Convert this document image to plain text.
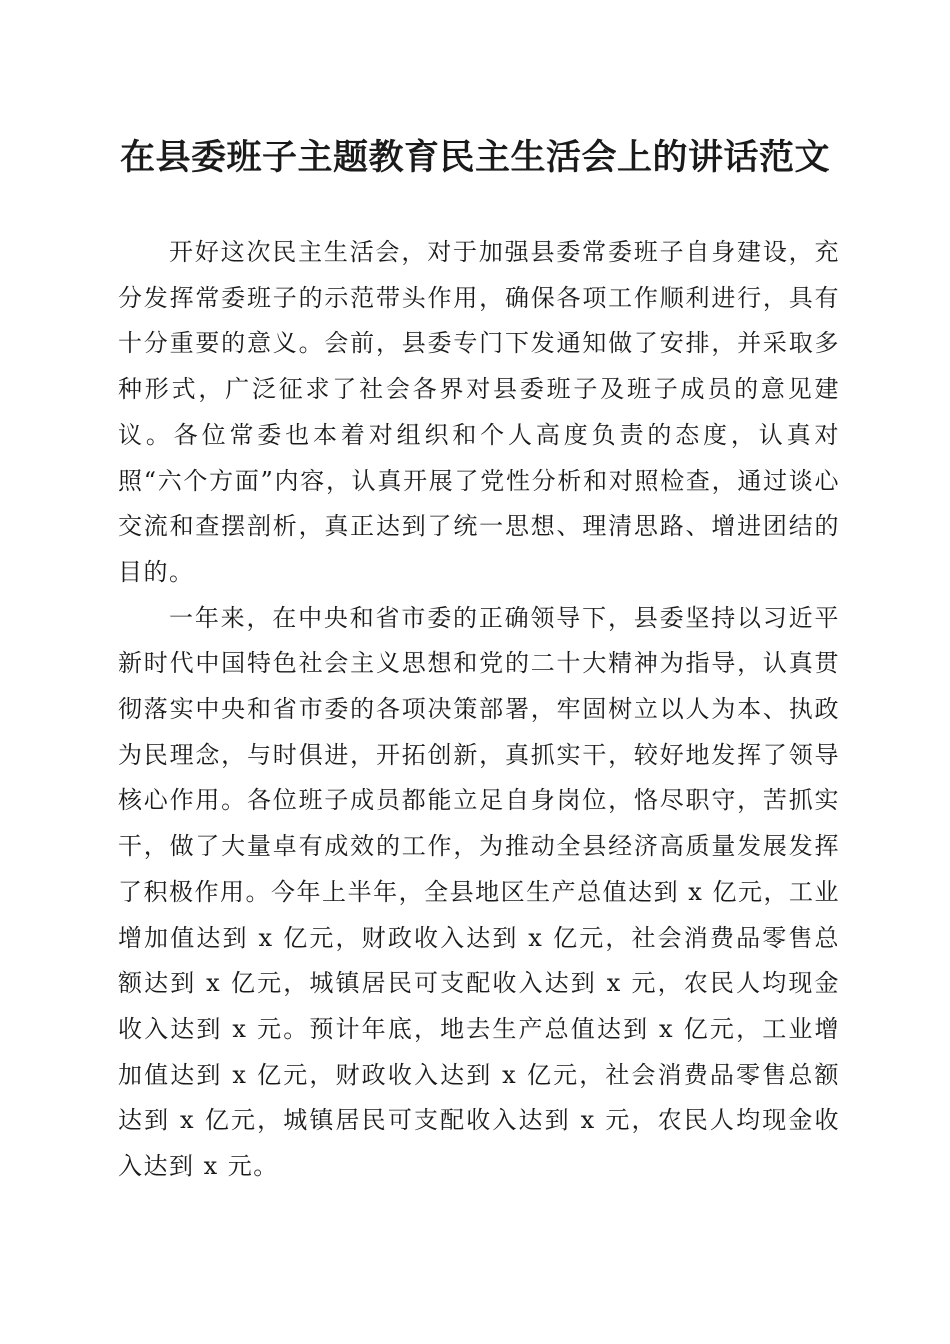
在县委班子主题教育民主生活会上的讲话范文

开好这次民主生活会，对于加强县委常委班子自身建设，充分发挥常委班子的示范带头作用，确保各项工作顺利进行，具有十分重要的意义。会前，县委专门下发通知做了安排，并采取多种形式，广泛征求了社会各界对县委班子及班子成员的意见建议。各位常委也本着对组织和个人高度负责的态度，认真对照“六个方面”内容，认真开展了党性分析和对照检查，通过谈心交流和查摆剖析，真正达到了统一思想、理清思路、增进团结的目的。

一年来，在中央和省市委的正确领导下，县委坚持以习近平新时代中国特色社会主义思想和党的二十大精神为指导，认真贯彻落实中央和省市委的各项决策部署，牢固树立以人为本、执政为民理念，与时俱进，开拓创新，真抓实干，较好地发挥了领导核心作用。各位班子成员都能立足自身岗位，恪尽职守，苦抓实干，做了大量卓有成效的工作，为推动全县经济高质量发展发挥了积极作用。今年上半年，全县地区生产总值达到 x 亿元，工业增加值达到 x 亿元，财政收入达到 x 亿元，社会消费品零售总额达到 x 亿元，城镇居民可支配收入达到 x 元，农民人均现金收入达到 x 元。预计年底，地去生产总值达到 x 亿元，工业增加值达到 x 亿元，财政收入达到 x 亿元，社会消费品零售总额达到 x 亿元，城镇居民可支配收入达到 x 元，农民人均现金收入达到 x 元。
